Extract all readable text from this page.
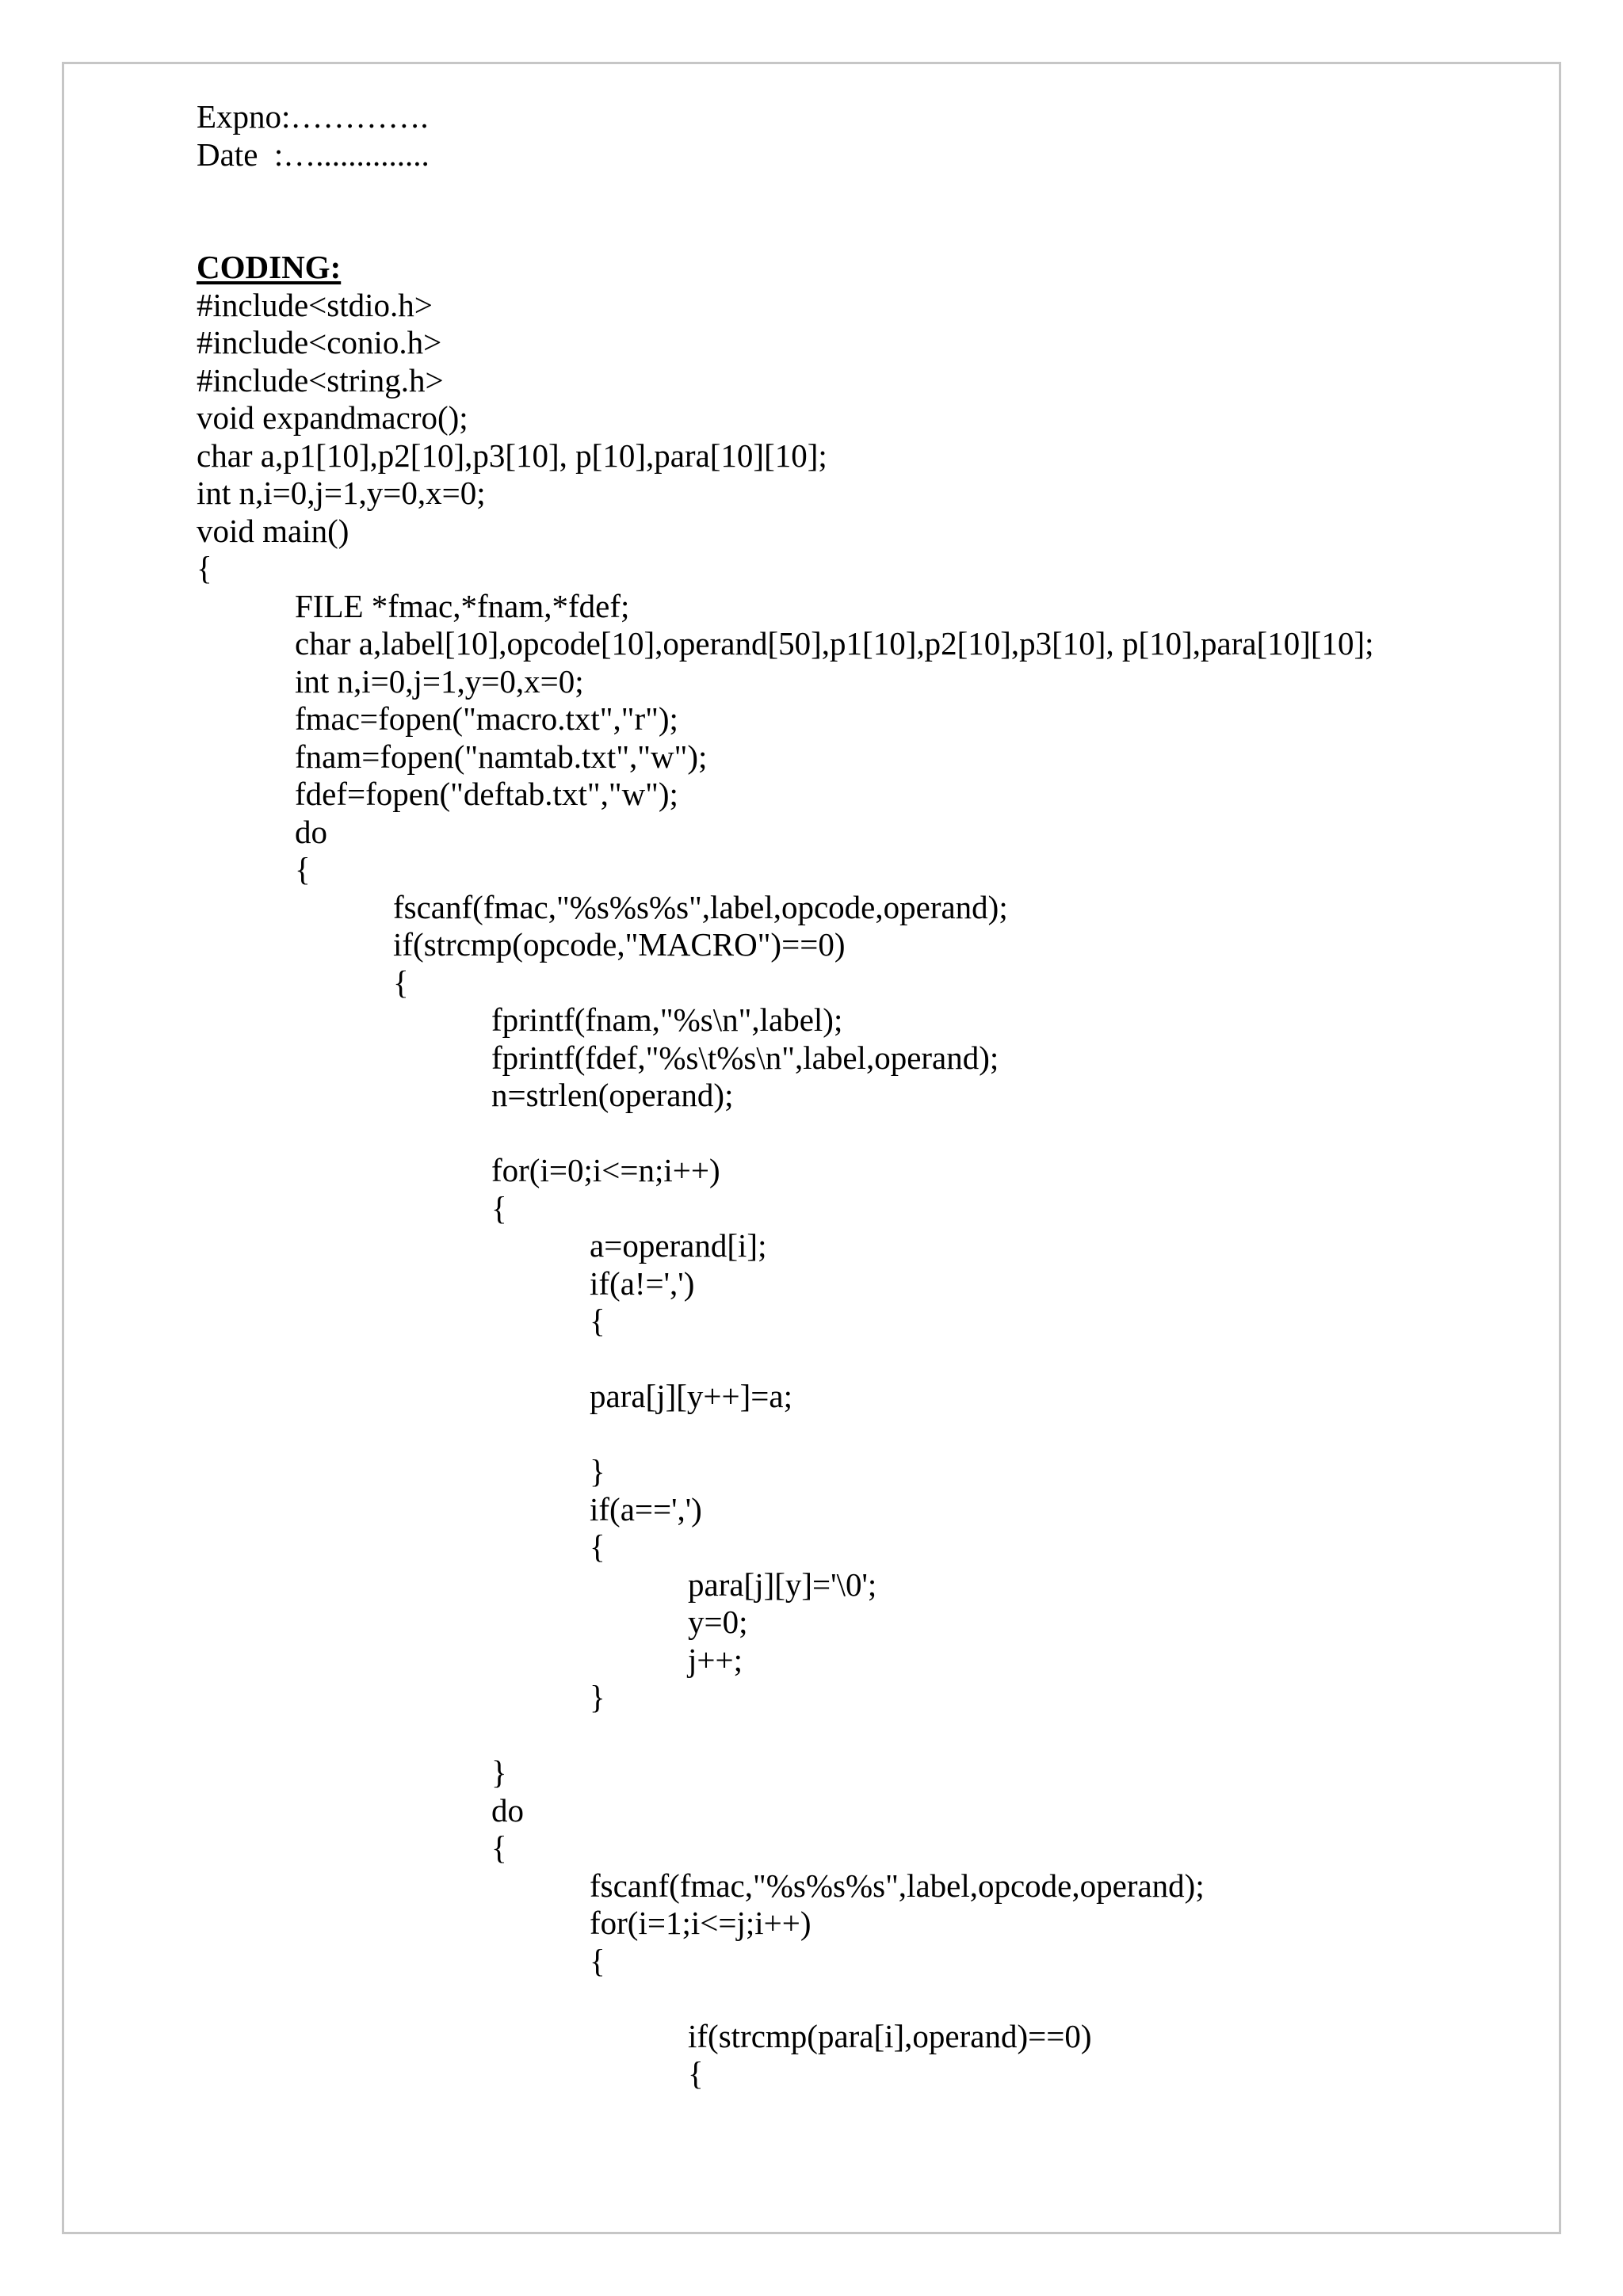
Expno:………….
Date  :…..............
CODING:
#include<stdio.h>
#include<conio.h>
#include<string.h>
void expandmacro();
char a,p1[10],p2[10],p3[10], p[10],para[10][10];
int n,i=0,j=1,y=0,x=0;
void main()
{
	FILE *fmac,*fnam,*fdef;
	char a,label[10],opcode[10],operand[50],p1[10],p2[10],p3[10], p[10],para[10][10];
	int n,i=0,j=1,y=0,x=0;
	fmac=fopen("macro.txt","r");
	fnam=fopen("namtab.txt","w");
	fdef=fopen("deftab.txt","w");
	do
	{
		fscanf(fmac,"%s%s%s",label,opcode,operand);
		if(strcmp(opcode,"MACRO")==0)
		{
			fprintf(fnam,"%s\n",label);
			fprintf(fdef,"%s\t%s\n",label,operand);
			n=strlen(operand);
			for(i=0;i<=n;i++)
			{
				a=operand[i];
				if(a!=',')
				{
				para[j][y++]=a;
				}
				if(a==',')
				{
					para[j][y]='\0';
					y=0;
					j++;
				}
			}
			do
			{
				fscanf(fmac,"%s%s%s",label,opcode,operand);
				for(i=1;i<=j;i++)
				{
					if(strcmp(para[i],operand)==0)
					{
